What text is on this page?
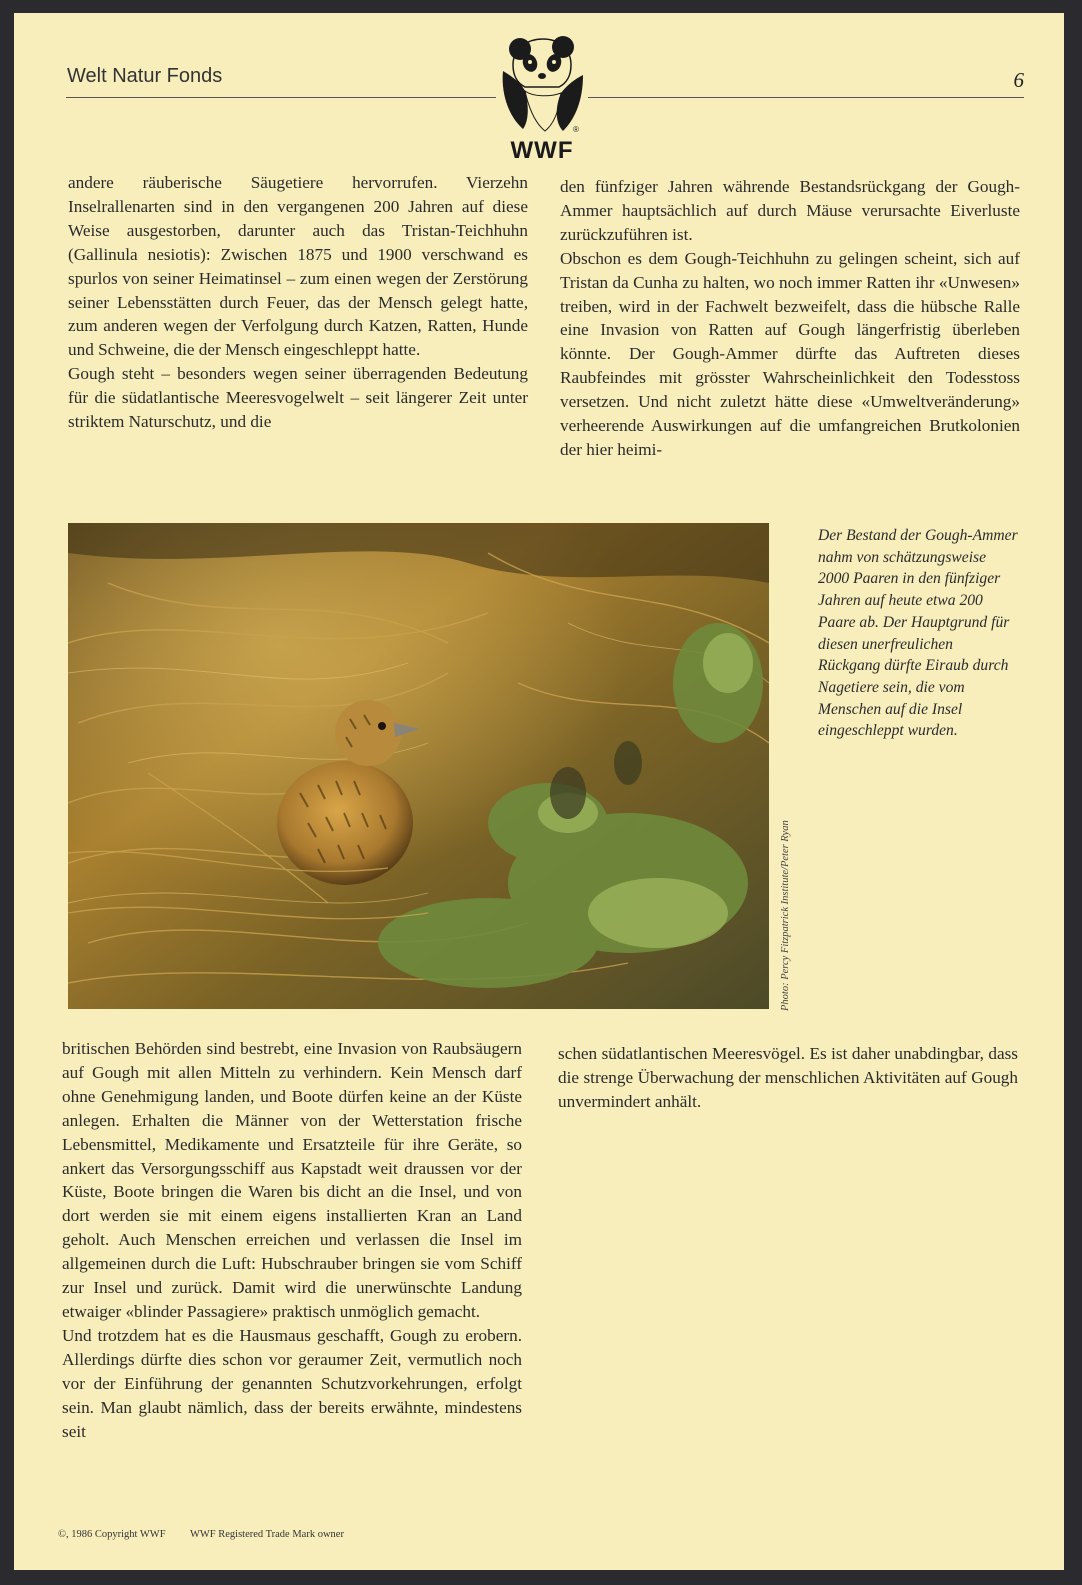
Welt Natur Fonds	6
®
WWF

andere räuberische Säugetiere hervorrufen. Vierzehn Inselrallenarten sind in den vergangenen 200 Jahren auf diese Weise ausgestorben, darunter auch das Tristan-Teichhuhn (Gallinula nesiotis): Zwischen 1875 und 1900 verschwand es spurlos von seiner Heimatinsel – zum einen wegen der Zerstörung seiner Lebensstätten durch Feuer, das der Mensch gelegt hatte, zum anderen wegen der Verfolgung durch Katzen, Ratten, Hunde und Schweine, die der Mensch eingeschleppt hatte.

Gough steht – besonders wegen seiner überragenden Bedeutung für die südatlantische Meeresvogelwelt – seit längerer Zeit unter striktem Naturschutz, und die

den fünfziger Jahren währende Bestandsrückgang der Gough-Ammer hauptsächlich auf durch Mäuse verursachte Eiverluste zurückzuführen ist.

Obschon es dem Gough-Teichhuhn zu gelingen scheint, sich auf Tristan da Cunha zu halten, wo noch immer Ratten ihr «Unwesen» treiben, wird in der Fachwelt bezweifelt, dass die hübsche Ralle eine Invasion von Ratten auf Gough längerfristig überleben könnte. Der Gough-Ammer dürfte das Auftreten dieses Raubfeindes mit grösster Wahrscheinlichkeit den Todesstoss versetzen. Und nicht zuletzt hätte diese «Umweltveränderung» verheerende Auswirkungen auf die umfangreichen Brutkolonien der hier heimi-

Photo: Percy Fitzpatrick Institute/Peter Ryan

Der Bestand der Gough-Ammer nahm von schätzungsweise 2000 Paaren in den fünfziger Jahren auf heute etwa 200 Paare ab. Der Hauptgrund für diesen unerfreulichen Rückgang dürfte Eiraub durch Nagetiere sein, die vom Menschen auf die Insel eingeschleppt wurden.

britischen Behörden sind bestrebt, eine Invasion von Raubsäugern auf Gough mit allen Mitteln zu verhindern. Kein Mensch darf ohne Genehmigung landen, und Boote dürfen keine an der Küste anlegen. Erhalten die Männer von der Wetterstation frische Lebensmittel, Medikamente und Ersatzteile für ihre Geräte, so ankert das Versorgungsschiff aus Kapstadt weit draussen vor der Küste, Boote bringen die Waren bis dicht an die Insel, und von dort werden sie mit einem eigens installierten Kran an Land geholt. Auch Menschen erreichen und verlassen die Insel im allgemeinen durch die Luft: Hubschrauber bringen sie vom Schiff zur Insel und zurück. Damit wird die unerwünschte Landung etwaiger «blinder Passagiere» praktisch unmöglich gemacht.

Und trotzdem hat es die Hausmaus geschafft, Gough zu erobern. Allerdings dürfte dies schon vor geraumer Zeit, vermutlich noch vor der Einführung der genannten Schutzvorkehrungen, erfolgt sein. Man glaubt nämlich, dass der bereits erwähnte, mindestens seit

schen südatlantischen Meeresvögel. Es ist daher unabdingbar, dass die strenge Überwachung der menschlichen Aktivitäten auf Gough unvermindert anhält.

©, 1986 Copyright WWF WWF Registered Trade Mark owner
